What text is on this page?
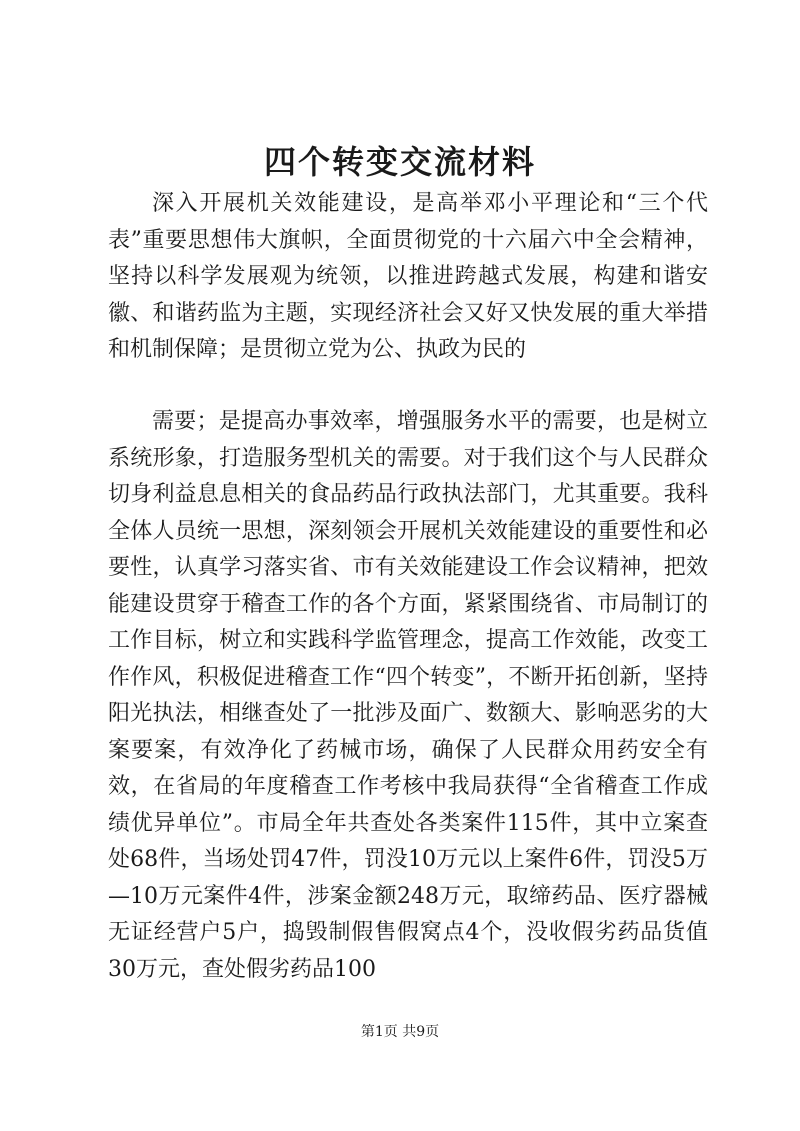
四个转变交流材料

深入开展机关效能建设，是高举邓小平理论和“三个代表”重要思想伟大旗帜，全面贯彻党的十六届六中全会精神，坚持以科学发展观为统领，以推进跨越式发展，构建和谐安徽、和谐药监为主题，实现经济社会又好又快发展的重大举措和机制保障；是贯彻立党为公、执政为民的

需要；是提高办事效率，增强服务水平的需要，也是树立系统形象，打造服务型机关的需要。对于我们这个与人民群众切身利益息息相关的食品药品行政执法部门，尤其重要。我科全体人员统一思想，深刻领会开展机关效能建设的重要性和必要性，认真学习落实省、市有关效能建设工作会议精神，把效能建设贯穿于稽查工作的各个方面，紧紧围绕省、市局制订的工作目标，树立和实践科学监管理念，提高工作效能，改变工作作风，积极促进稽查工作“四个转变”，不断开拓创新，坚持阳光执法，相继查处了一批涉及面广、数额大、影响恶劣的大案要案，有效净化了药械市场，确保了人民群众用药安全有效，在省局的年度稽查工作考核中我局获得“全省稽查工作成绩优异单位”。市局全年共查处各类案件115件，其中立案查处68件，当场处罚47件，罚没10万元以上案件6件，罚没5万—10万元案件4件，涉案金额248万元，取缔药品、医疗器械无证经营户5户，捣毁制假售假窝点4个，没收假劣药品货值30万元，查处假劣药品100

第1页 共9页
